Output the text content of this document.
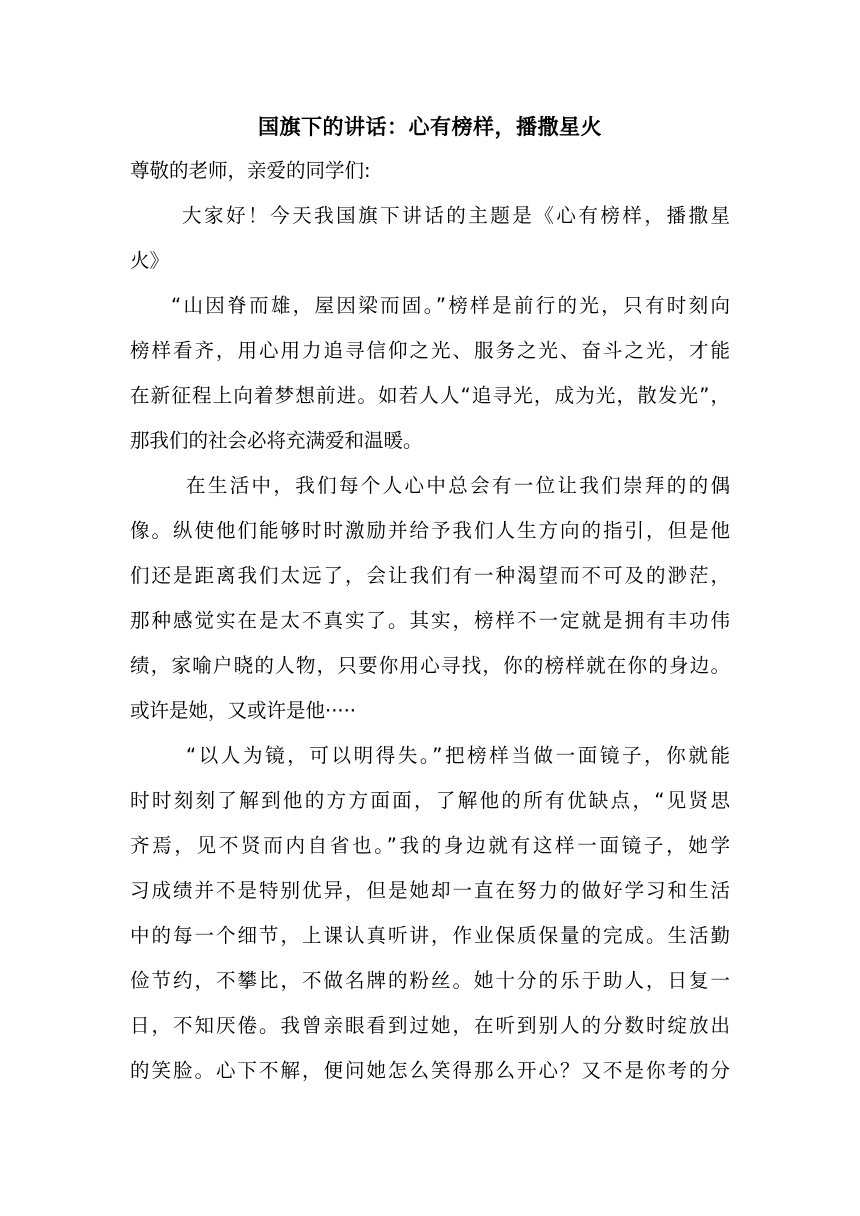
国旗下的讲话：心有榜样，播撒星火
尊敬的老师，亲爱的同学们:
大家好！今天我国旗下讲话的主题是《心有榜样，播撒星
火》
“山因脊而雄，屋因梁而固。”榜样是前行的光，只有时刻向
榜样看齐，用心用力追寻信仰之光、服务之光、奋斗之光，才能
在新征程上向着梦想前进。如若人人“追寻光，成为光，散发光”，
那我们的社会必将充满爱和温暖。
在生活中，我们每个人心中总会有一位让我们崇拜的的偶
像。纵使他们能够时时激励并给予我们人生方向的指引，但是他
们还是距离我们太远了，会让我们有一种渴望而不可及的渺茫，
那种感觉实在是太不真实了。其实，榜样不一定就是拥有丰功伟
绩，家喻户晓的人物，只要你用心寻找，你的榜样就在你的身边。
或许是她，又或许是他·····
“以人为镜，可以明得失。”把榜样当做一面镜子，你就能
时时刻刻了解到他的方方面面，了解他的所有优缺点，“见贤思
齐焉，见不贤而内自省也。”我的身边就有这样一面镜子，她学
习成绩并不是特别优异，但是她却一直在努力的做好学习和生活
中的每一个细节，上课认真听讲，作业保质保量的完成。生活勤
俭节约，不攀比，不做名牌的粉丝。她十分的乐于助人，日复一
日，不知厌倦。我曾亲眼看到过她，在听到别人的分数时绽放出
的笑脸。心下不解，便问她怎么笑得那么开心？又不是你考的分
